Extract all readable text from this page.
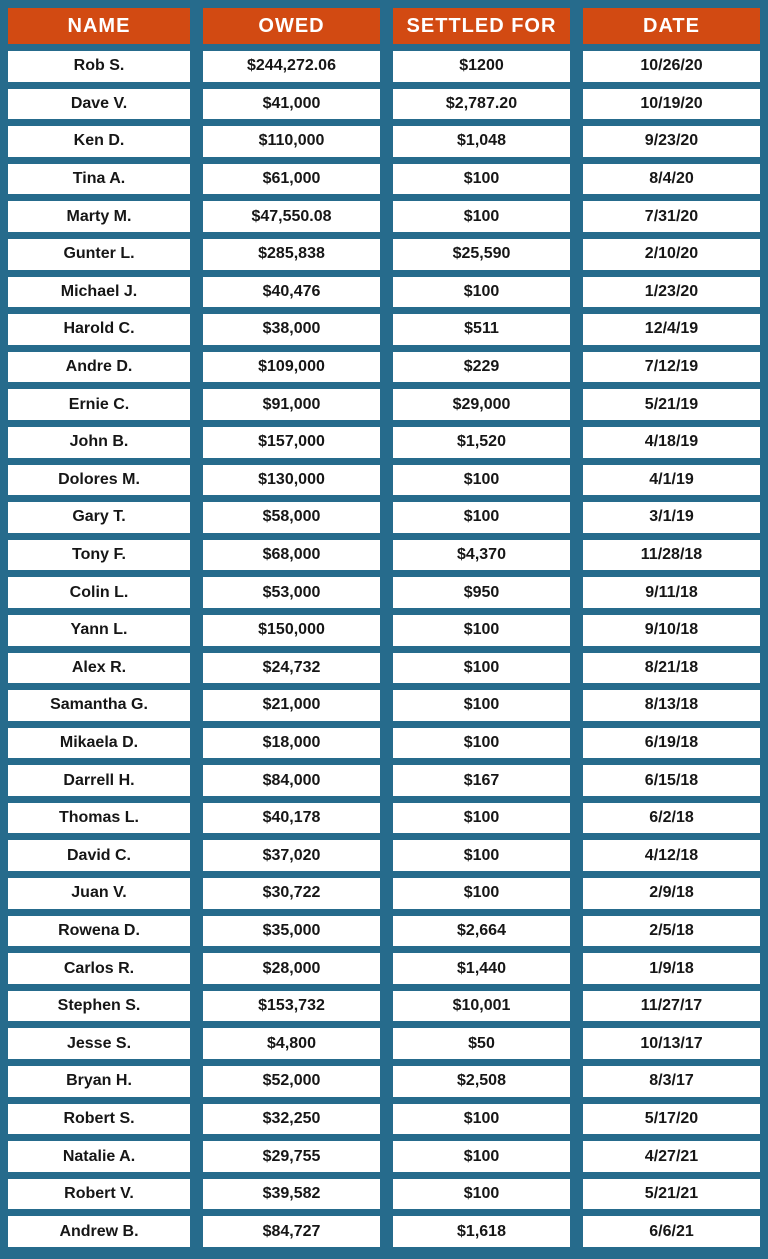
NAME	OWED	SETTLED FOR	DATE
Rob S.	$244,272.06	$1200	10/26/20
Dave V.	$41,000	$2,787.20	10/19/20
Ken D.	$110,000	$1,048	9/23/20
Tina A.	$61,000	$100	8/4/20
Marty M.	$47,550.08	$100	7/31/20
Gunter L.	$285,838	$25,590	2/10/20
Michael J.	$40,476	$100	1/23/20
Harold C.	$38,000	$511	12/4/19
Andre D.	$109,000	$229	7/12/19
Ernie C.	$91,000	$29,000	5/21/19
John B.	$157,000	$1,520	4/18/19
Dolores M.	$130,000	$100	4/1/19
Gary T.	$58,000	$100	3/1/19
Tony F.	$68,000	$4,370	11/28/18
Colin L.	$53,000	$950	9/11/18
Yann L.	$150,000	$100	9/10/18
Alex R.	$24,732	$100	8/21/18
Samantha G.	$21,000	$100	8/13/18
Mikaela D.	$18,000	$100	6/19/18
Darrell H.	$84,000	$167	6/15/18
Thomas L.	$40,178	$100	6/2/18
David C.	$37,020	$100	4/12/18
Juan V.	$30,722	$100	2/9/18
Rowena D.	$35,000	$2,664	2/5/18
Carlos R.	$28,000	$1,440	1/9/18
Stephen S.	$153,732	$10,001	11/27/17
Jesse S.	$4,800	$50	10/13/17
Bryan H.	$52,000	$2,508	8/3/17
Robert S.	$32,250	$100	5/17/20
Natalie A.	$29,755	$100	4/27/21
Robert V.	$39,582	$100	5/21/21
Andrew B.	$84,727	$1,618	6/6/21
